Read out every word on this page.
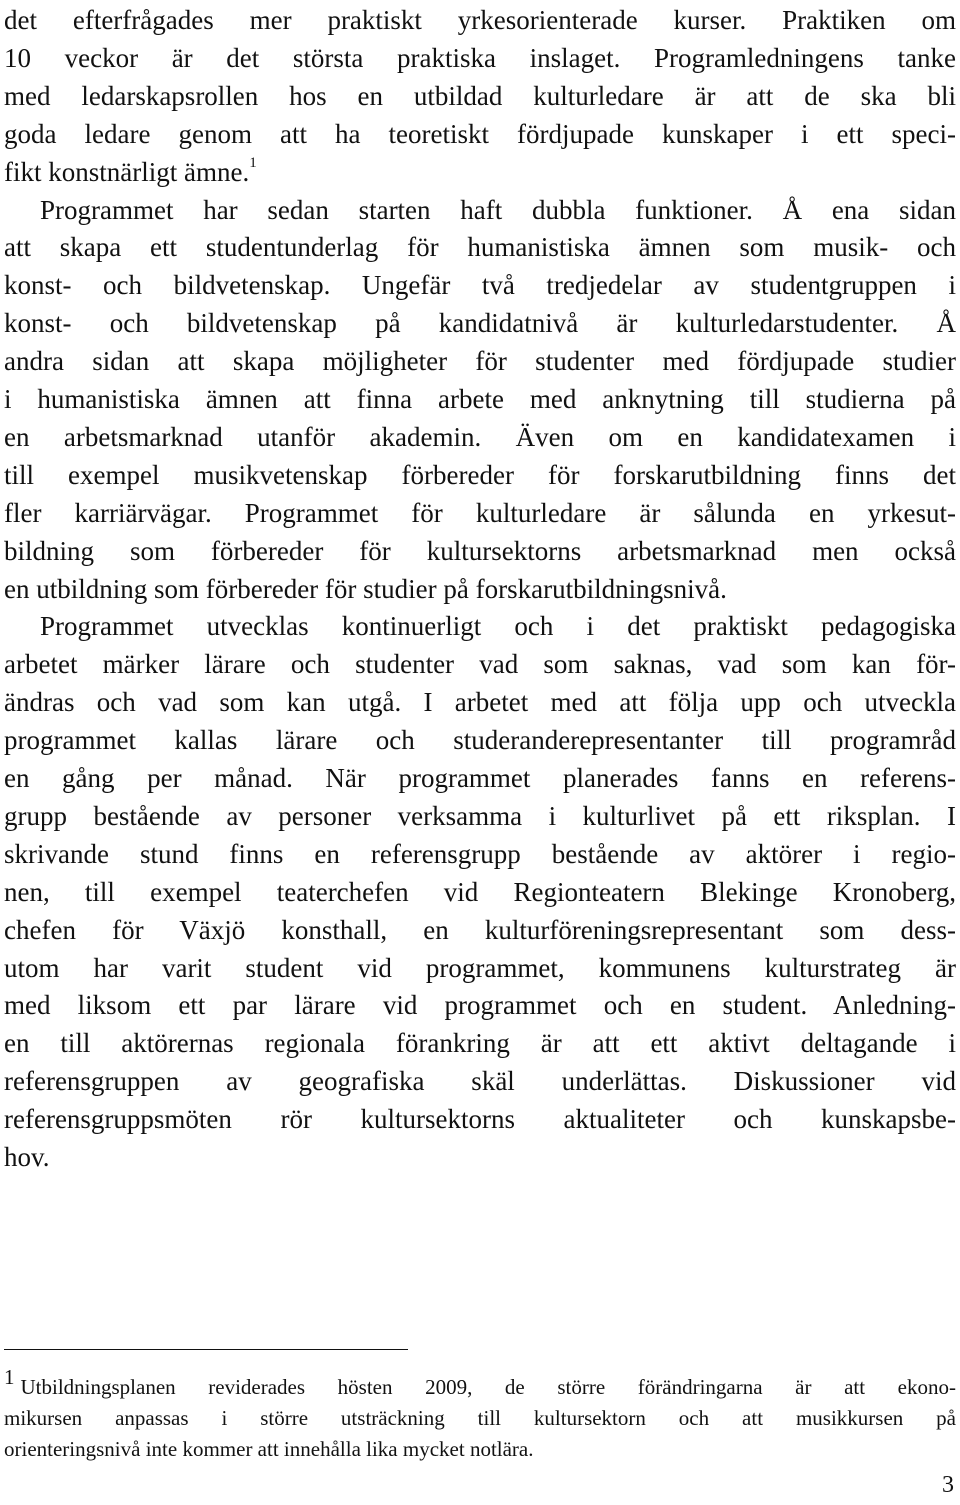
det efterfrågades mer praktiskt yrkesorienterade kurser. Praktiken om
10 veckor är det största praktiska inslaget. Programledningens tanke
med ledarskapsrollen hos en utbildad kulturledare är att de ska bli
goda ledare genom att ha teoretiskt fördjupade kunskaper i ett speci-
fikt konstnärligt ämne.$^1$
Programmet har sedan starten haft dubbla funktioner. Å ena sidan
att skapa ett studentunderlag för humanistiska ämnen som musik- och
konst- och bildvetenskap. Ungefär två tredjedelar av studentgruppen i
konst- och bildvetenskap på kandidatnivå är kulturledarstudenter. Å
andra sidan att skapa möjligheter för studenter med fördjupade studier
i humanistiska ämnen att finna arbete med anknytning till studierna på
en arbetsmarknad utanför akademin. Även om en kandidatexamen i
till exempel musikvetenskap förbereder för forskarutbildning finns det
fler karriärvägar. Programmet för kulturledare är sålunda en yrkesut-
bildning som förbereder för kultursektorns arbetsmarknad men också
en utbildning som förbereder för studier på forskarutbildningsnivå.
Programmet utvecklas kontinuerligt och i det praktiskt pedagogiska
arbetet märker lärare och studenter vad som saknas, vad som kan för-
ändras och vad som kan utgå. I arbetet med att följa upp och utveckla
programmet kallas lärare och studeranderepresentanter till programråd
en gång per månad. När programmet planerades fanns en referens-
grupp bestående av personer verksamma i kulturlivet på ett riksplan. I
skrivande stund finns en referensgrupp bestående av aktörer i regio-
nen, till exempel teaterchefen vid Regionteatern Blekinge Kronoberg,
chefen för Växjö konsthall, en kulturföreningsrepresentant som dess-
utom har varit student vid programmet, kommunens kulturstrateg är
med liksom ett par lärare vid programmet och en student. Anledning-
en till aktörernas regionala förankring är att ett aktivt deltagande i
referensgruppen av geografiska skäl underlättas. Diskussioner vid
referensgruppsmöten rör kultursektorns aktualiteter och kunskapsbe-
hov.
1 Utbildningsplanen reviderades hösten 2009, de större förändringarna är att ekono-
mikursen anpassas i större utsträckning till kultursektorn och att musikkursen på
orienteringsnivå inte kommer att innehålla lika mycket notlära.
3
